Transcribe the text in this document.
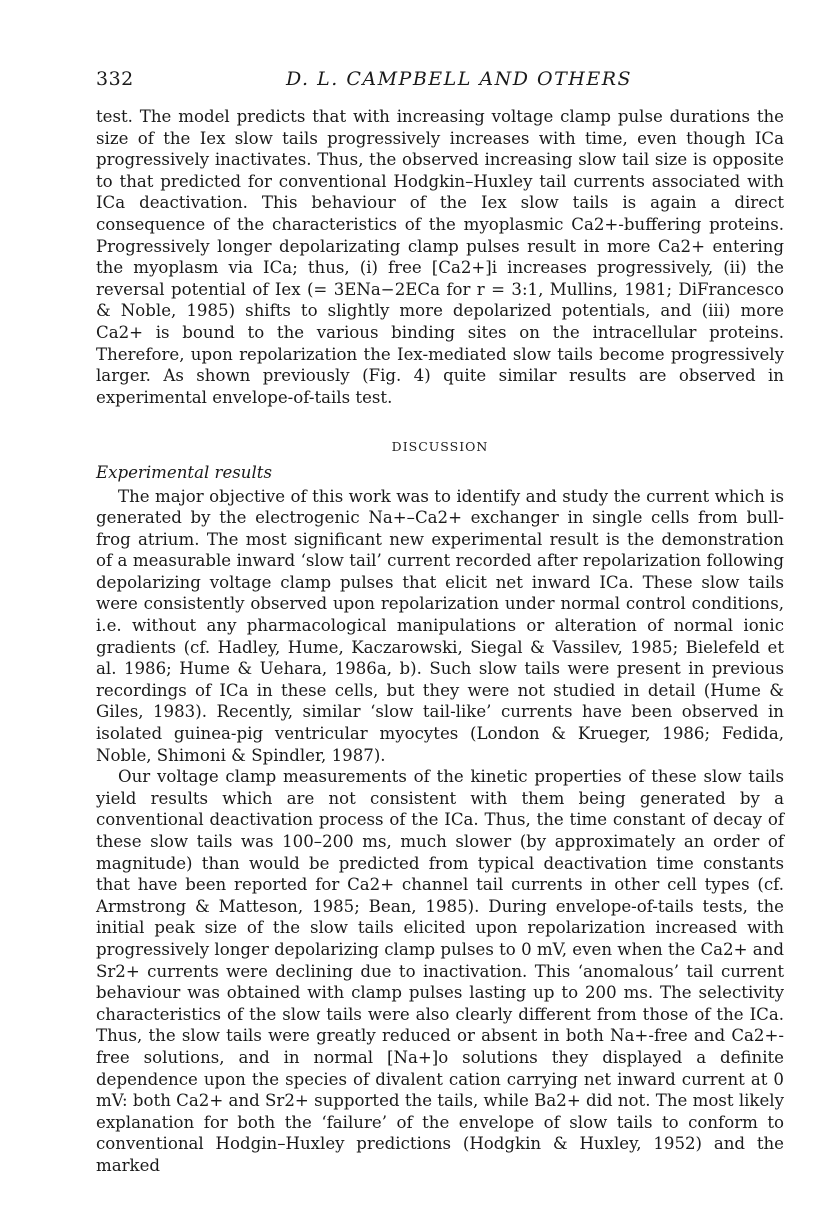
332	D. L. CAMPBELL AND OTHERS

test. The model predicts that with increasing voltage clamp pulse durations the size of the Iex slow tails progressively increases with time, even though ICa progressively inactivates. Thus, the observed increasing slow tail size is opposite to that predicted for conventional Hodgkin–Huxley tail currents associated with ICa deactivation. This behaviour of the Iex slow tails is again a direct consequence of the characteristics of the myoplasmic Ca2+-buffering proteins. Progressively longer depolarizating clamp pulses result in more Ca2+ entering the myoplasm via ICa; thus, (i) free [Ca2+]i increases progressively, (ii) the reversal potential of Iex (= 3ENa−2ECa for r = 3:1, Mullins, 1981; DiFrancesco & Noble, 1985) shifts to slightly more depolarized potentials, and (iii) more Ca2+ is bound to the various binding sites on the intracellular proteins. Therefore, upon repolarization the Iex-mediated slow tails become progressively larger. As shown previously (Fig. 4) quite similar results are observed in experimental envelope-of-tails test.

DISCUSSION
Experimental results

The major objective of this work was to identify and study the current which is generated by the electrogenic Na+–Ca2+ exchanger in single cells from bull-frog atrium. The most significant new experimental result is the demonstration of a measurable inward ‘slow tail’ current recorded after repolarization following depolarizing voltage clamp pulses that elicit net inward ICa. These slow tails were consistently observed upon repolarization under normal control conditions, i.e. without any pharmacological manipulations or alteration of normal ionic gradients (cf. Hadley, Hume, Kaczarowski, Siegal & Vassilev, 1985; Bielefeld et al. 1986; Hume & Uehara, 1986a, b). Such slow tails were present in previous recordings of ICa in these cells, but they were not studied in detail (Hume & Giles, 1983). Recently, similar ‘slow tail-like’ currents have been observed in isolated guinea-pig ventricular myocytes (London & Krueger, 1986; Fedida, Noble, Shimoni & Spindler, 1987).

Our voltage clamp measurements of the kinetic properties of these slow tails yield results which are not consistent with them being generated by a conventional deactivation process of the ICa. Thus, the time constant of decay of these slow tails was 100–200 ms, much slower (by approximately an order of magnitude) than would be predicted from typical deactivation time constants that have been reported for Ca2+ channel tail currents in other cell types (cf. Armstrong & Matteson, 1985; Bean, 1985). During envelope-of-tails tests, the initial peak size of the slow tails elicited upon repolarization increased with progressively longer depolarizing clamp pulses to 0 mV, even when the Ca2+ and Sr2+ currents were declining due to inactivation. This ‘anomalous’ tail current behaviour was obtained with clamp pulses lasting up to 200 ms. The selectivity characteristics of the slow tails were also clearly different from those of the ICa. Thus, the slow tails were greatly reduced or absent in both Na+-free and Ca2+-free solutions, and in normal [Na+]o solutions they displayed a definite dependence upon the species of divalent cation carrying net inward current at 0 mV: both Ca2+ and Sr2+ supported the tails, while Ba2+ did not. The most likely explanation for both the ‘failure’ of the envelope of slow tails to conform to conventional Hodgin–Huxley predictions (Hodgkin & Huxley, 1952) and the marked
